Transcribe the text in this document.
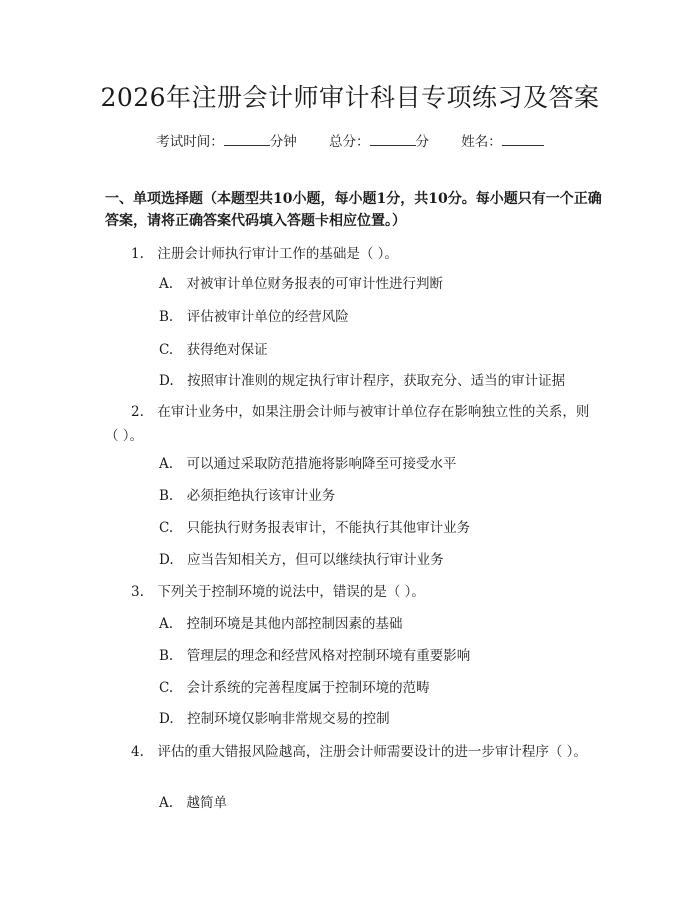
2026年注册会计师审计科目专项练习及答案
考试时间：	分钟 总分：	分 姓名：
一、单项选择题（本题型共10小题，每小题1分，共10分。每小题只有一个正确答案，请将正确答案代码填入答题卡相应位置。）
1.　注册会计师执行审计工作的基础是（ ）。
A.　对被审计单位财务报表的可审计性进行判断
B.　评估被审计单位的经营风险
C.　获得绝对保证
D.　按照审计准则的规定执行审计程序，获取充分、适当的审计证据
2.　在审计业务中，如果注册会计师与被审计单位存在影响独立性的关系，则（ ）。
A.　可以通过采取防范措施将影响降至可接受水平
B.　必须拒绝执行该审计业务
C.　只能执行财务报表审计，不能执行其他审计业务
D.　应当告知相关方，但可以继续执行审计业务
3.　下列关于控制环境的说法中，错误的是（ ）。
A.　控制环境是其他内部控制因素的基础
B.　管理层的理念和经营风格对控制环境有重要影响
C.　会计系统的完善程度属于控制环境的范畴
D.　控制环境仅影响非常规交易的控制
4.　评估的重大错报风险越高，注册会计师需要设计的进一步审计程序（ ）。
A.　越简单
